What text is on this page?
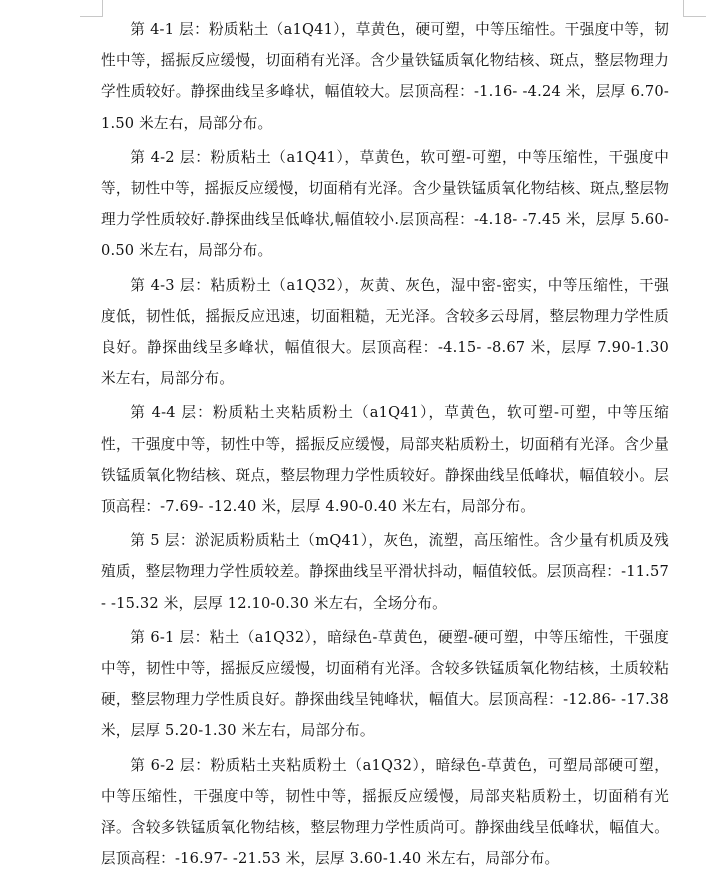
第 4-1 层：粉质粘土（a1Q41），草黄色，硬可塑，中等压缩性。干强度中等，韧性中等，摇振反应缓慢，切面稍有光泽。含少量铁锰质氧化物结核、斑点，整层物理力学性质较好。静探曲线呈多峰状，幅值较大。层顶高程：-1.16- -4.24 米，层厚 6.70-1.50 米左右，局部分布。

第 4-2 层：粉质粘土（a1Q41），草黄色，软可塑-可塑，中等压缩性，干强度中等，韧性中等，摇振反应缓慢，切面稍有光泽。含少量铁锰质氧化物结核、斑点,整层物理力学性质较好.静探曲线呈低峰状,幅值较小.层顶高程：-4.18- -7.45 米，层厚 5.60-0.50 米左右，局部分布。

第 4-3 层：粘质粉土（a1Q32），灰黄、灰色，湿中密-密实，中等压缩性，干强度低，韧性低，摇振反应迅速，切面粗糙，无光泽。含较多云母屑，整层物理力学性质良好。静探曲线呈多峰状，幅值很大。层顶高程：-4.15- -8.67 米，层厚 7.90-1.30 米左右，局部分布。

第 4-4 层：粉质粘土夹粘质粉土（a1Q41），草黄色，软可塑-可塑，中等压缩性，干强度中等，韧性中等，摇振反应缓慢，局部夹粘质粉土，切面稍有光泽。含少量铁锰质氧化物结核、斑点，整层物理力学性质较好。静探曲线呈低峰状，幅值较小。层顶高程：-7.69- -12.40 米，层厚 4.90-0.40 米左右，局部分布。

第 5 层：淤泥质粉质粘土（mQ41），灰色，流塑，高压缩性。含少量有机质及残殖质，整层物理力学性质较差。静探曲线呈平滑状抖动，幅值较低。层顶高程：-11.57- -15.32 米，层厚 12.10-0.30 米左右，全场分布。

第 6-1 层：粘土（a1Q32），暗绿色-草黄色，硬塑-硬可塑，中等压缩性，干强度中等，韧性中等，摇振反应缓慢，切面稍有光泽。含较多铁锰质氧化物结核，土质较粘硬，整层物理力学性质良好。静探曲线呈钝峰状，幅值大。层顶高程：-12.86- -17.38 米，层厚 5.20-1.30 米左右，局部分布。

第 6-2 层：粉质粘土夹粘质粉土（a1Q32），暗绿色-草黄色，可塑局部硬可塑，中等压缩性，干强度中等，韧性中等，摇振反应缓慢，局部夹粘质粉土，切面稍有光泽。含较多铁锰质氧化物结核，整层物理力学性质尚可。静探曲线呈低峰状，幅值大。层顶高程：-16.97- -21.53 米，层厚 3.60-1.40 米左右，局部分布。
